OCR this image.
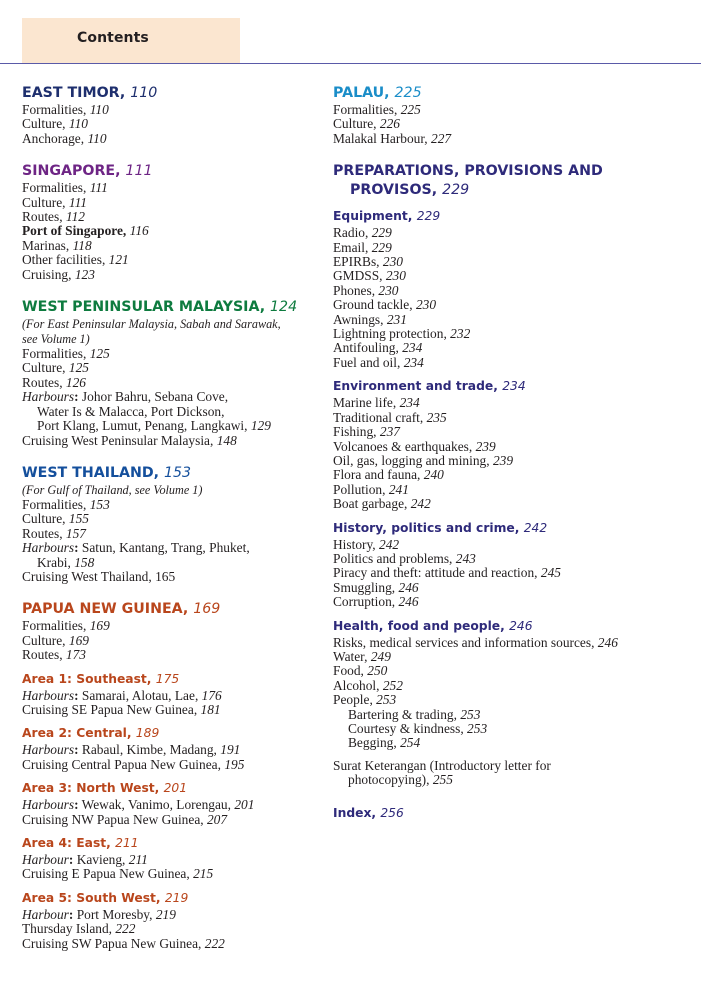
Contents
EAST TIMOR, 110
Formalities, 110
Culture, 110
Anchorage, 110
SINGAPORE, 111
Formalities, 111
Culture, 111
Routes, 112
Port of Singapore, 116
Marinas, 118
Other facilities, 121
Cruising, 123
WEST PENINSULAR MALAYSIA, 124
(For East Peninsular Malaysia, Sabah and Sarawak,
see Volume 1)
Formalities, 125
Culture, 125
Routes, 126
Harbours: Johor Bahru, Sebana Cove,
Water Is & Malacca, Port Dickson,
Port Klang, Lumut, Penang, Langkawi, 129
Cruising West Peninsular Malaysia, 148
WEST THAILAND, 153
(For Gulf of Thailand, see Volume 1)
Formalities, 153
Culture, 155
Routes, 157
Harbours: Satun, Kantang, Trang, Phuket,
Krabi, 158
Cruising West Thailand, 165
PAPUA NEW GUINEA, 169
Formalities, 169
Culture, 169
Routes, 173
Area 1: Southeast, 175
Harbours: Samarai, Alotau, Lae, 176
Cruising SE Papua New Guinea, 181
Area 2: Central, 189
Harbours: Rabaul, Kimbe, Madang, 191
Cruising Central Papua New Guinea, 195
Area 3: North West, 201
Harbours: Wewak, Vanimo, Lorengau, 201
Cruising NW Papua New Guinea, 207
Area 4: East, 211
Harbour: Kavieng, 211
Cruising E Papua New Guinea, 215
Area 5: South West, 219
Harbour: Port Moresby, 219
Thursday Island, 222
Cruising SW Papua New Guinea, 222
PALAU, 225
Formalities, 225
Culture, 226
Malakal Harbour, 227
PREPARATIONS, PROVISIONS AND
PROVISOS, 229
Equipment, 229
Radio, 229
Email, 229
EPIRBs, 230
GMDSS, 230
Phones, 230
Ground tackle, 230
Awnings, 231
Lightning protection, 232
Antifouling, 234
Fuel and oil, 234
Environment and trade, 234
Marine life, 234
Traditional craft, 235
Fishing, 237
Volcanoes & earthquakes, 239
Oil, gas, logging and mining, 239
Flora and fauna, 240
Pollution, 241
Boat garbage, 242
History, politics and crime, 242
History, 242
Politics and problems, 243
Piracy and theft: attitude and reaction, 245
Smuggling, 246
Corruption, 246
Health, food and people, 246
Risks, medical services and information sources, 246
Water, 249
Food, 250
Alcohol, 252
People, 253
Bartering & trading, 253
Courtesy & kindness, 253
Begging, 254
Surat Keterangan (Introductory letter for
photocopying), 255
Index, 256
